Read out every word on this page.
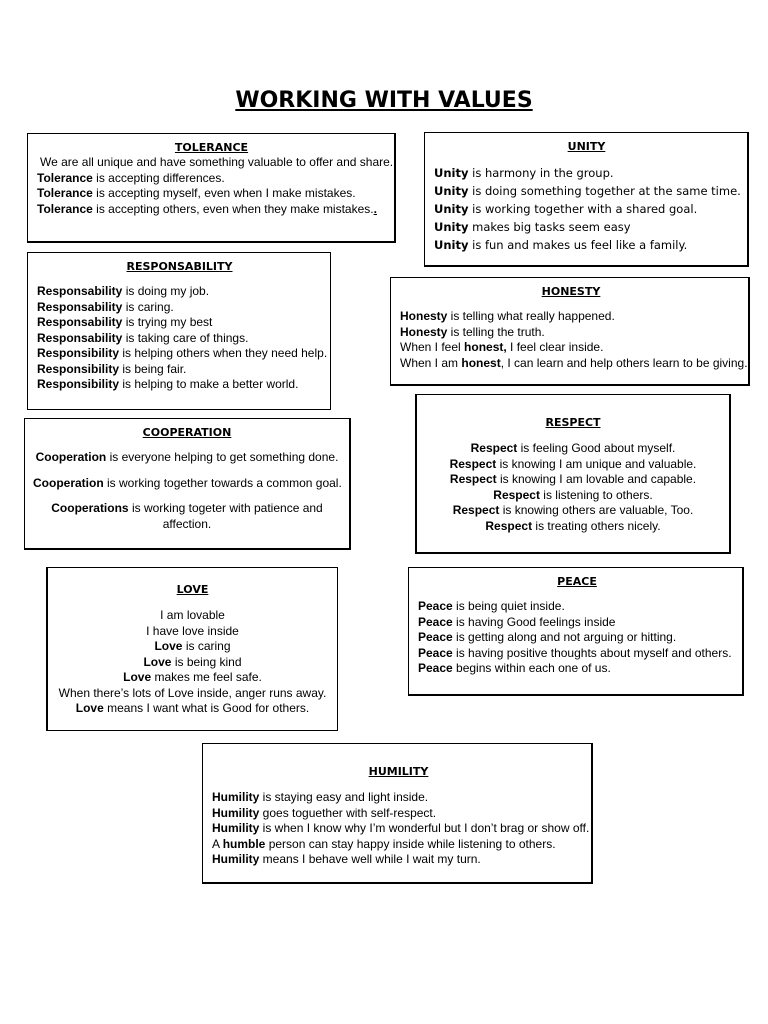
WORKING WITH VALUES
TOLERANCE
We are all unique and have something valuable to offer and share.
Tolerance is accepting differences.
Tolerance is accepting myself, even when I make mistakes.
Tolerance is accepting others, even when they make mistakes..
UNITY
Unity is harmony in the group.
Unity is doing something together at the same time.
Unity is working together with a shared goal.
Unity makes big tasks seem easy
Unity is fun and makes us feel like a family.
RESPONSABILITY
Responsability is doing my job.
Responsability is caring.
Responsability is trying my best
Responsability is taking care of things.
Responsibility is helping others when they need help.
Responsibility is being fair.
Responsibility is helping to make a better world.
HONESTY
Honesty is telling what really happened.
Honesty is telling the truth.
When I feel honest, I feel clear inside.
When I am honest, I can learn and help others learn to be giving.
COOPERATION
Cooperation is everyone helping to get something done.
Cooperation is working together towards a common goal.
Cooperations is working togeter with patience and
affection.
RESPECT
Respect is feeling Good about myself.
Respect is knowing I am unique and valuable.
Respect is knowing I am lovable and capable.
Respect is listening to others.
Respect is knowing others are valuable, Too.
Respect is treating others nicely.
LOVE
I am lovable
I have love inside
Love is caring
Love is being kind
Love makes me feel safe.
When there’s lots of Love inside, anger runs away.
Love means I want what is Good for others.
PEACE
Peace is being quiet inside.
Peace is having Good feelings inside
Peace is getting along and not arguing or hitting.
Peace is having positive thoughts about myself and others.
Peace begins within each one of us.
HUMILITY
Humility is staying easy and light inside.
Humility goes toguether with self-respect.
Humility is when I know why I’m wonderful but I don’t brag or show off.
A humble person can stay happy inside while listening to others.
Humility means I behave well while I wait my turn.
